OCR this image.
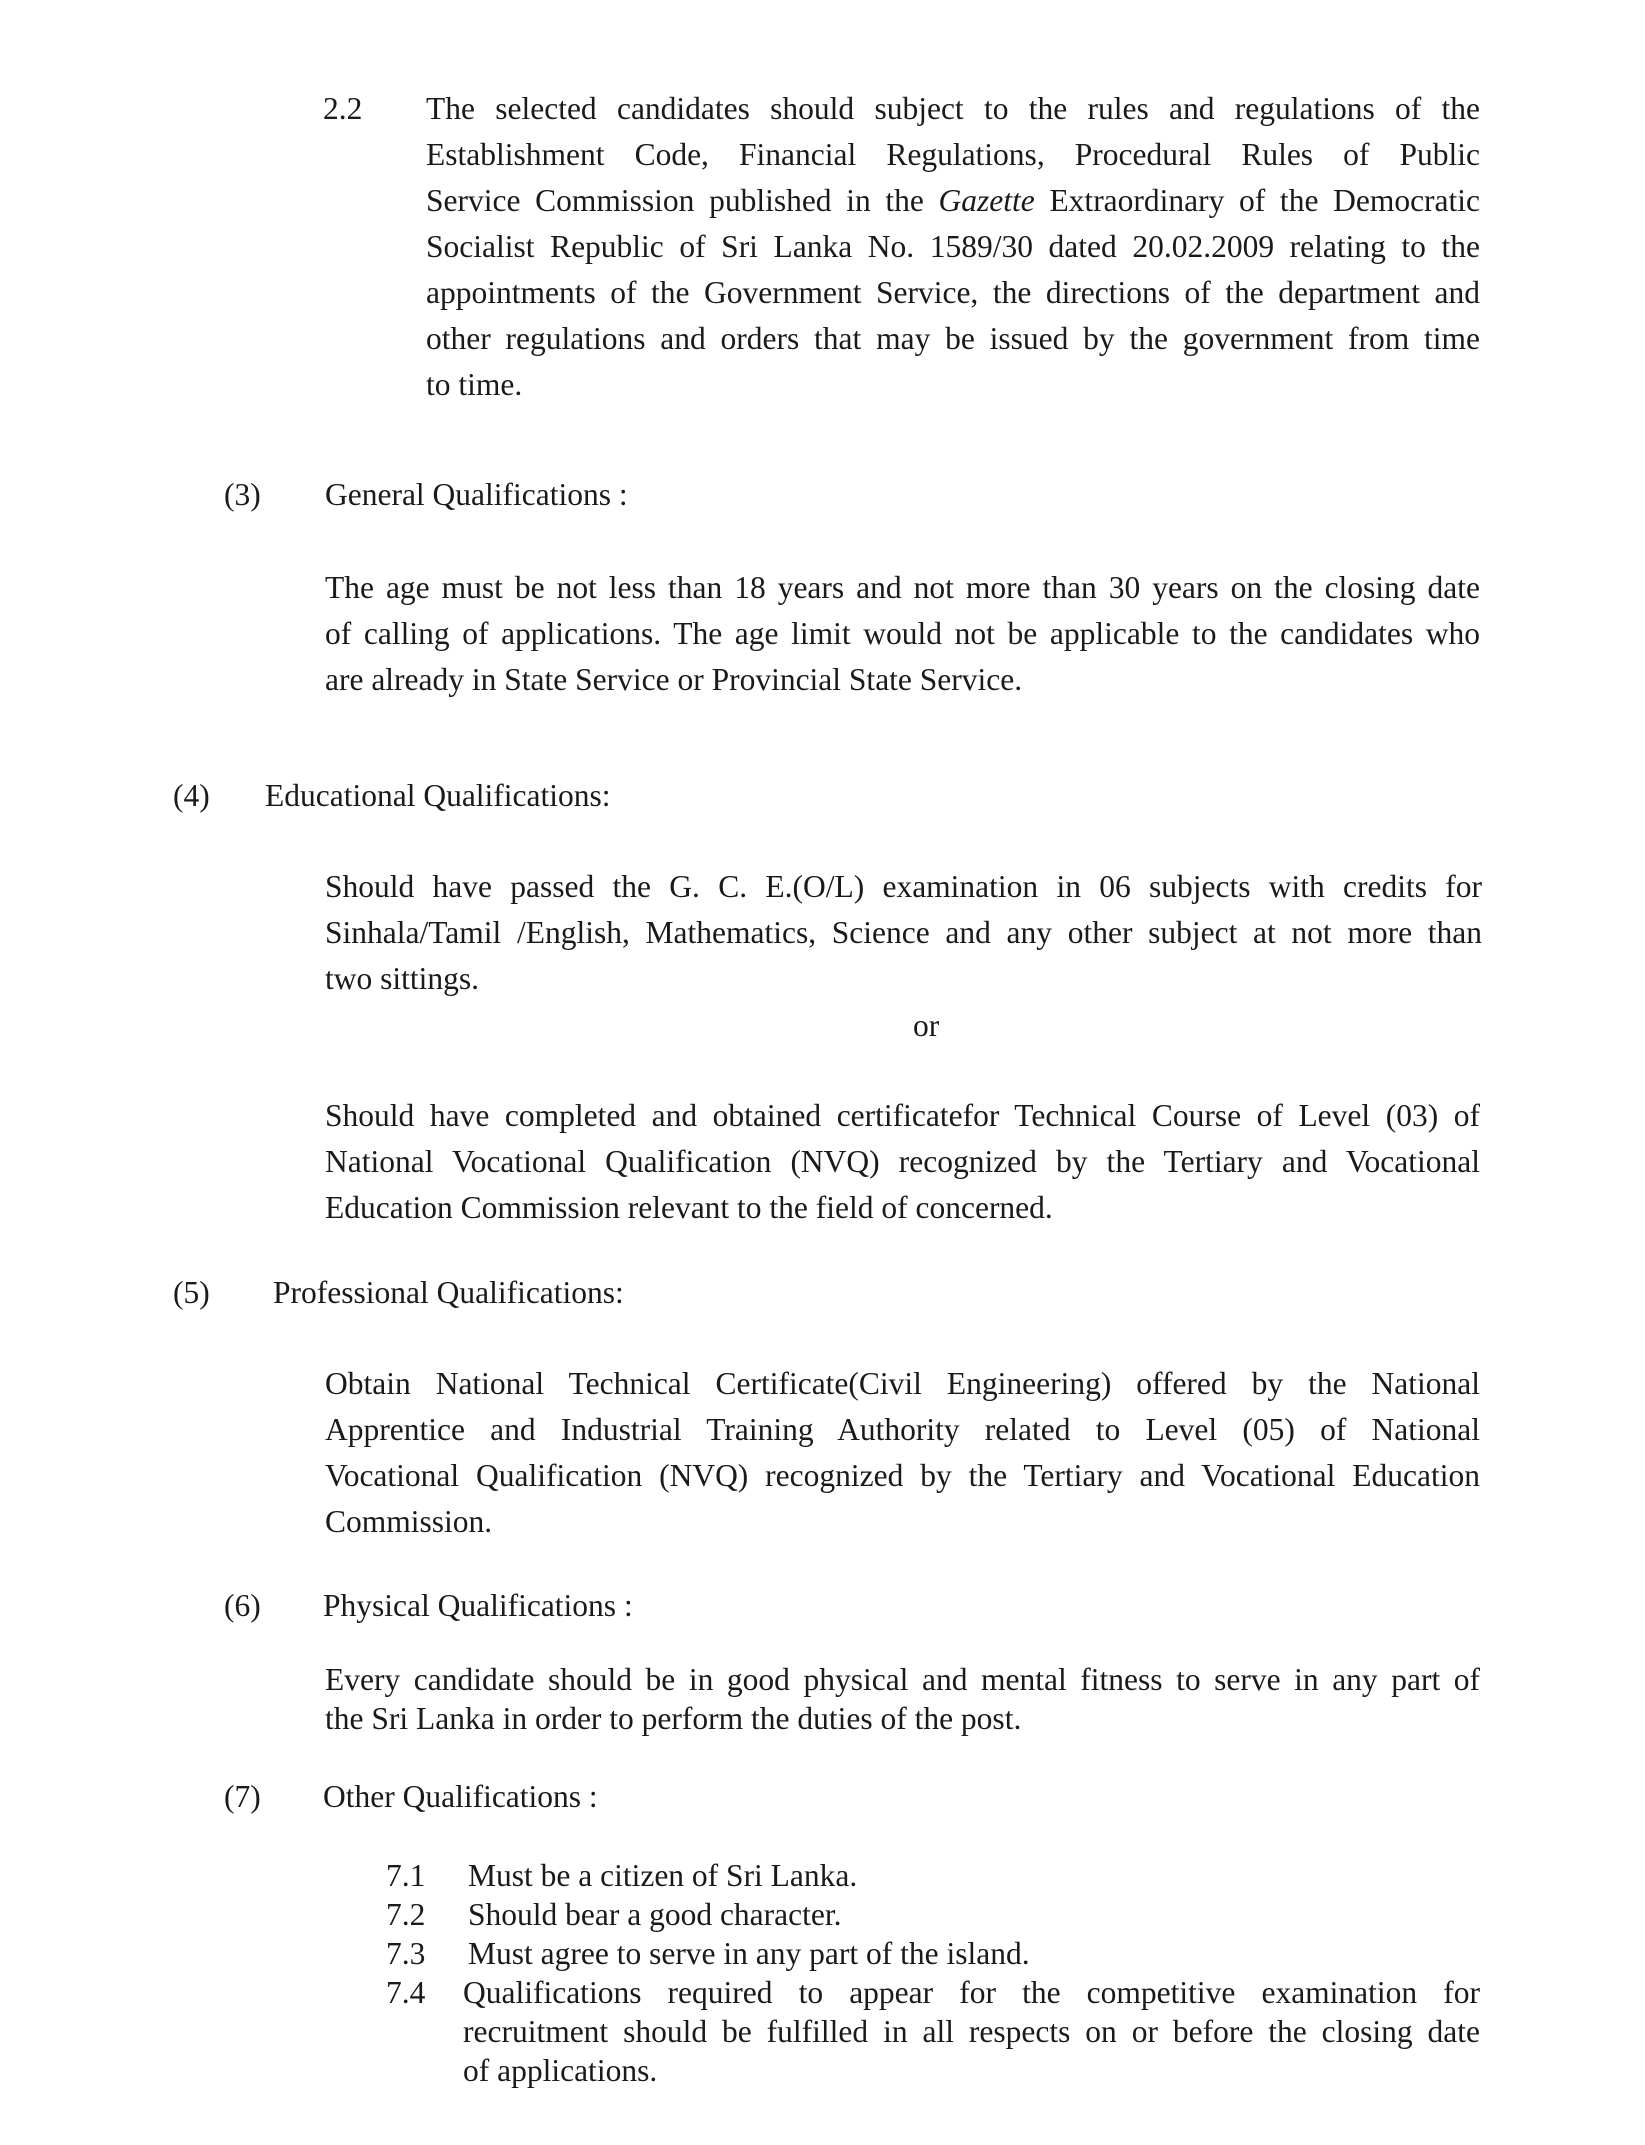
2.2 The selected candidates should subject to the rules and regulations of the
Establishment Code, Financial Regulations, Procedural Rules of Public
Service Commission published in the Gazette Extraordinary of the Democratic
Socialist Republic of Sri Lanka No. 1589/30 dated 20.02.2009 relating to the
appointments of the Government Service, the directions of the department and
other regulations and orders that may be issued by the government from time
to time.
(3) General Qualifications :
The age must be not less than 18 years and not more than 30 years on the closing date
of calling of applications. The age limit would not be applicable to the candidates who
are already in State Service or Provincial State Service.
(4) Educational Qualifications:
Should have passed the G. C. E.(O/L) examination in 06 subjects with credits for
Sinhala/Tamil /English, Mathematics, Science and any other subject at not more than
two sittings.
or
Should have completed and obtained certificatefor Technical Course of Level (03) of
National Vocational Qualification (NVQ) recognized by the Tertiary and Vocational
Education Commission relevant to the field of concerned.
(5) Professional Qualifications:
Obtain National Technical Certificate(Civil Engineering) offered by the National
Apprentice and Industrial Training Authority related to Level (05) of National
Vocational Qualification (NVQ) recognized by the Tertiary and Vocational Education
Commission.
(6) Physical Qualifications :
Every candidate should be in good physical and mental fitness to serve in any part of
the Sri Lanka in order to perform the duties of the post.
(7) Other Qualifications :
7.1 Must be a citizen of Sri Lanka.
7.2 Should bear a good character.
7.3 Must agree to serve in any part of the island.
7.4 Qualifications required to appear for the competitive examination for
recruitment should be fulfilled in all respects on or before the closing date
of applications.
